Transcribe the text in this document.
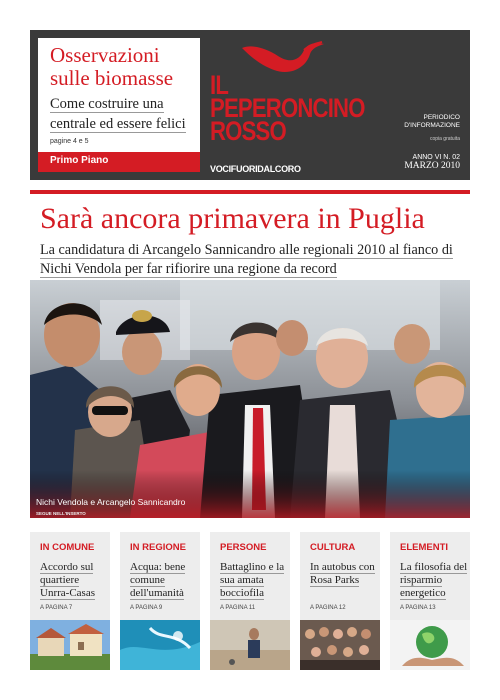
Osservazioni sulle biomasse
Come costruire una centrale ed essere felici
pagine 4 e 5
Primo Piano
IL
PEPERONCINO
ROSSO
VOCIFUORIDALCORO
PERIODICO D'INFORMAZIONE
copia gratuita
ANNO VI N. 02
MARZO 2010
Sarà ancora primavera in Puglia
La candidatura di Arcangelo Sannicandro alle regionali 2010 al fianco di Nichi Vendola per far rifiorire una regione da record
Nichi Vendola e Arcangelo Sannicandro
SEGUE NELL'INSERTO
IN COMUNE
Accordo sul quartiere Unrra-Casas
A PAGINA 7
IN REGIONE
Acqua: bene comune dell'umanità
A PAGINA 9
PERSONE
Battaglino e la sua amata bocciofila
A PAGINA 11
CULTURA
In autobus con Rosa Parks
A PAGINA 12
ELEMENTI
La filosofia del risparmio energetico
A PAGINA 13
